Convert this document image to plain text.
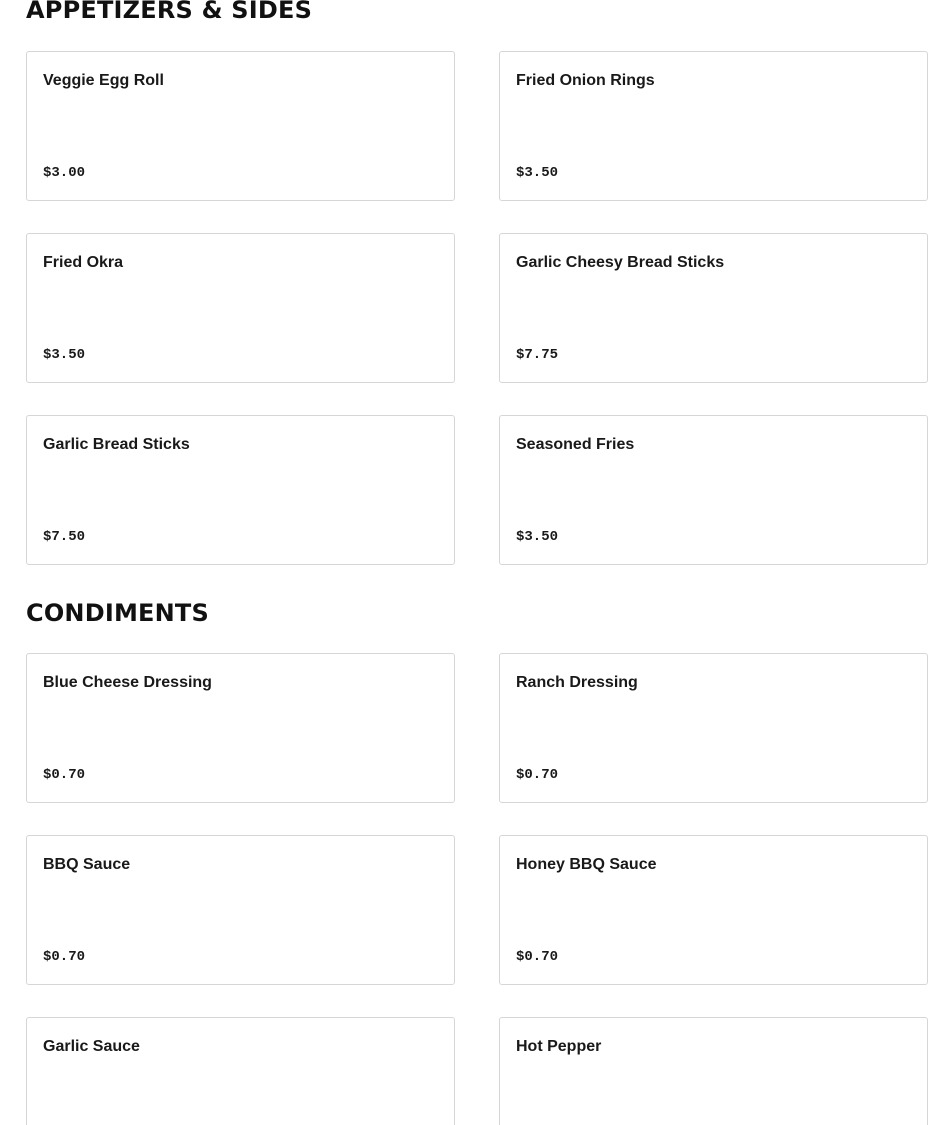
APPETIZERS & SIDES
Veggie Egg Roll
$3.00
Fried Onion Rings
$3.50
Fried Okra
$3.50
Garlic Cheesy Bread Sticks
$7.75
Garlic Bread Sticks
$7.50
Seasoned Fries
$3.50
CONDIMENTS
Blue Cheese Dressing
$0.70
Ranch Dressing
$0.70
BBQ Sauce
$0.70
Honey BBQ Sauce
$0.70
Garlic Sauce	Hot Pepper
